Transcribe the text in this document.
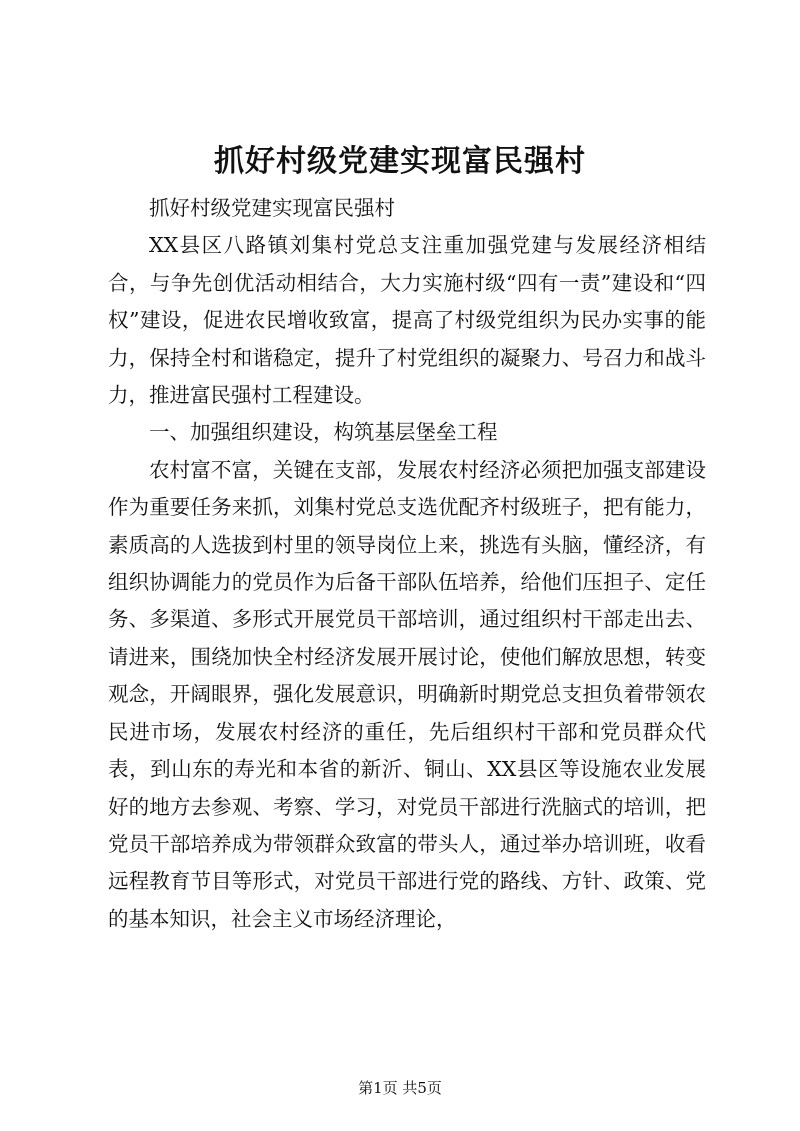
抓好村级党建实现富民强村

抓好村级党建实现富民强村

XX县区八路镇刘集村党总支注重加强党建与发展经济相结合，与争先创优活动相结合，大力实施村级“四有一责”建设和“四权”建设，促进农民增收致富，提高了村级党组织为民办实事的能力，保持全村和谐稳定，提升了村党组织的凝聚力、号召力和战斗力，推进富民强村工程建设。

一、加强组织建设，构筑基层堡垒工程

农村富不富，关键在支部，发展农村经济必须把加强支部建设作为重要任务来抓，刘集村党总支选优配齐村级班子，把有能力，素质高的人选拔到村里的领导岗位上来，挑选有头脑，懂经济，有组织协调能力的党员作为后备干部队伍培养，给他们压担子、定任务、多渠道、多形式开展党员干部培训，通过组织村干部走出去、请进来，围绕加快全村经济发展开展讨论，使他们解放思想，转变观念，开阔眼界，强化发展意识，明确新时期党总支担负着带领农民进市场，发展农村经济的重任，先后组织村干部和党员群众代表，到山东的寿光和本省的新沂、铜山、XX县区等设施农业发展好的地方去参观、考察、学习，对党员干部进行洗脑式的培训，把党员干部培养成为带领群众致富的带头人，通过举办培训班，收看远程教育节目等形式，对党员干部进行党的路线、方针、政策、党的基本知识，社会主义市场经济理论，

第1页 共5页
